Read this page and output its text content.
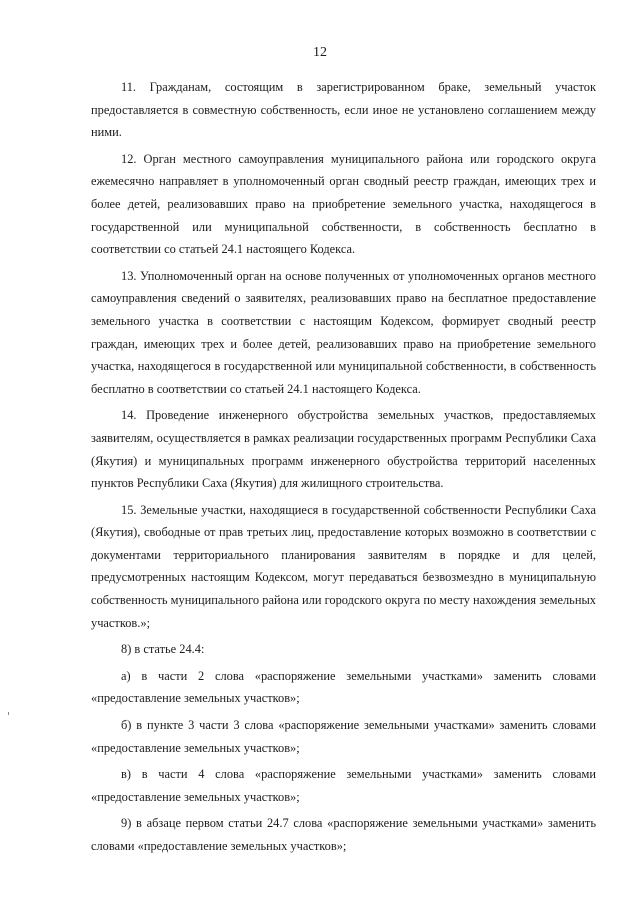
12

11. Гражданам, состоящим в зарегистрированном браке, земельный участок предоставляется в совместную собственность, если иное не установлено соглашением между ними.

12. Орган местного самоуправления муниципального района или городского округа ежемесячно направляет в уполномоченный орган сводный реестр граждан, имеющих трех и более детей, реализовавших право на приобретение земельного участка, находящегося в государственной или муниципальной собственности, в собственность бесплатно в соответствии со статьей 24.1 настоящего Кодекса.

13. Уполномоченный орган на основе полученных от уполномоченных органов местного самоуправления сведений о заявителях, реализовавших право на бесплатное предоставление земельного участка в соответствии с настоящим Кодексом, формирует сводный реестр граждан, имеющих трех и более детей, реализовавших право на приобретение земельного участка, находящегося в государственной или муниципальной собственности, в собственность бесплатно в соответствии со статьей 24.1 настоящего Кодекса.

14. Проведение инженерного обустройства земельных участков, предоставляемых заявителям, осуществляется в рамках реализации государственных программ Республики Саха (Якутия) и муниципальных программ инженерного обустройства территорий населенных пунктов Республики Саха (Якутия) для жилищного строительства.

15. Земельные участки, находящиеся в государственной собственности Республики Саха (Якутия), свободные от прав третьих лиц, предоставление которых возможно в соответствии с документами территориального планирования заявителям в порядке и для целей, предусмотренных настоящим Кодексом, могут передаваться безвозмездно в муниципальную собственность муниципального района или городского округа по месту нахождения земельных участков.»;

8) в статье 24.4:

а) в части 2 слова «распоряжение земельными участками» заменить словами «предоставление земельных участков»;

б) в пункте 3 части 3 слова «распоряжение земельными участками» заменить словами «предоставление земельных участков»;

в) в части 4 слова «распоряжение земельными участками» заменить словами «предоставление земельных участков»;

9) в абзаце первом статьи 24.7 слова «распоряжение земельными участками» заменить словами «предоставление земельных участков»;
